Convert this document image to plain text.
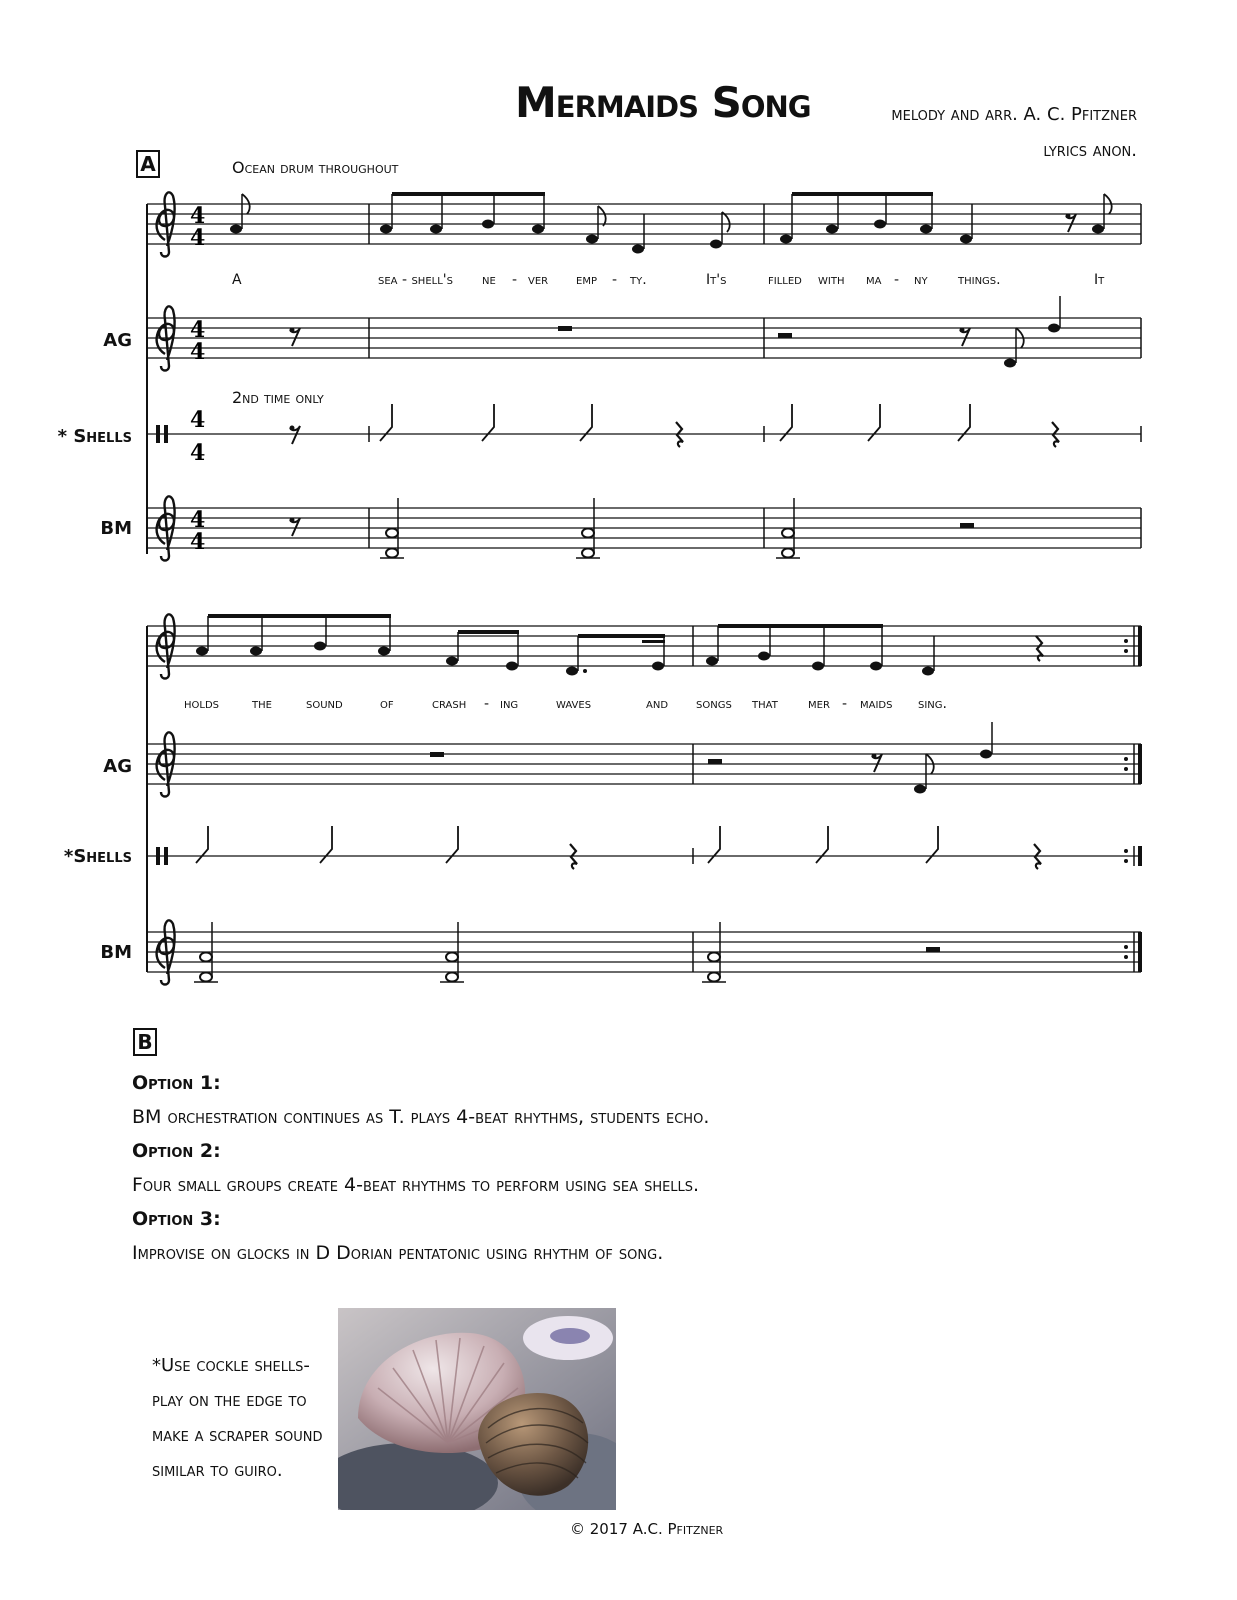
Mermaids Song	melody and arr. A. C. Pfitzner
lyrics anon.
A	Ocean drum throughout
2nd time only
AG
* Shells
BM
AG
*Shells
BM
4
4
A	sea - shell's ne - ver emp - ty.	It's	filled with ma - ny things.	It
4
4
4
4
4
4
holds the sound	of	crash - ing	waves	and songs that mer - maids sing.
B
Option 1:
BM orchestration continues as T. plays 4-beat rhythms, students echo.
Option 2:
Four small groups create 4-beat rhythms to perform using sea shells.
Option 3:
Improvise on glocks in D Dorian pentatonic using rhythm of song.
*Use cockle shells-
play on the edge to
make a scraper sound
similar to guiro.
© 2017 A.C. Pfitzner
